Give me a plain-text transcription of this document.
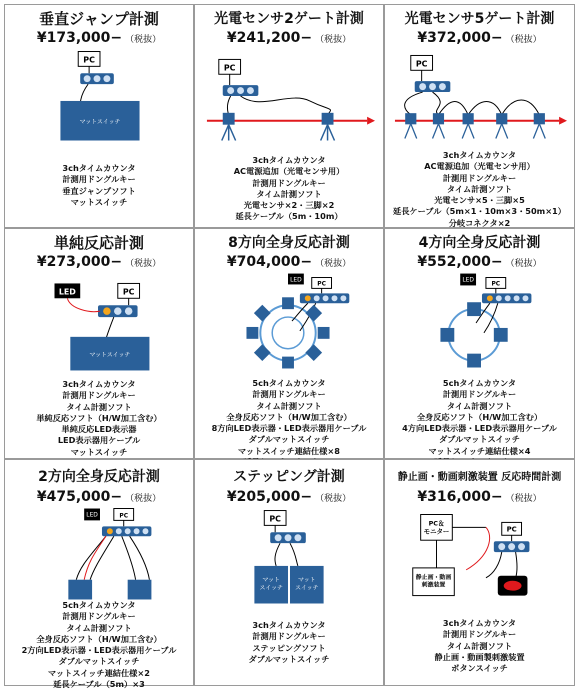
垂直ジャンプ計測
¥173,000− （税抜）
PC
マットスイッチ
3chタイムカウンタ
計測用ドングルキー
垂直ジャンプソフト
マットスイッチ
光電センサ2ゲート計測
¥241,200− （税抜）
PC
3chタイムカウンタ
AC電源追加（光電センサ用）
計測用ドングルキー
タイム計測ソフト
光電センサ×2・三脚×2
延長ケーブル（5m・10m）
光電センサ5ゲート計測
¥372,000− （税抜）
PC
3chタイムカウンタ
AC電源追加（光電センサ用）
計測用ドングルキー
タイム計測ソフト
光電センサ×5・三脚×5
延長ケーブル（5m×1・10m×3・50m×1）
分岐コネクタ×2
単純反応計測
¥273,000− （税抜）
LED	PC
マットスイッチ
3chタイムカウンタ
計測用ドングルキー
タイム計測ソフト
単純反応ソフト（H/W加工含む）
単純反応LED表示器
LED表示器用ケーブル
マットスイッチ
8方向全身反応計測
¥704,000− （税抜）
LED
PC
5chタイムカウンタ
計測用ドングルキー
タイム計測ソフト
全身反応ソフト（H/W加工含む）
8方向LED表示器・LED表示器用ケーブル
ダブルマットスイッチ
マットスイッチ連結仕様×8
4方向全身反応計測
¥552,000− （税抜）
LED
PC
5chタイムカウンタ
計測用ドングルキー
タイム計測ソフト
全身反応ソフト（H/W加工含む）
4方向LED表示器・LED表示器用ケーブル
ダブルマットスイッチ
マットスイッチ連結仕様×4
2方向全身反応計測
¥475,000− （税抜）
LED	PC
5chタイムカウンタ
計測用ドングルキー
タイム計測ソフト
全身反応ソフト（H/W加工含む）
2方向LED表示器・LED表示器用ケーブル
ダブルマットスイッチ
マットスイッチ連結仕様×2
延長ケーブル（5m）×3
ステッピング計測
¥205,000− （税抜）
PC
マットスイッチ
マットスイッチ
3chタイムカウンタ
計測用ドングルキー
ステッピングソフト
ダブルマットスイッチ
静止画・動画刺激装置 反応時間計測
¥316,000− （税抜）
PC＆モニター	PC
静止画・動画刺激装置
3chタイムカウンタ
計測用ドングルキー
タイム計測ソフト
静止画・動画製刺激装置
ボタンスイッチ
